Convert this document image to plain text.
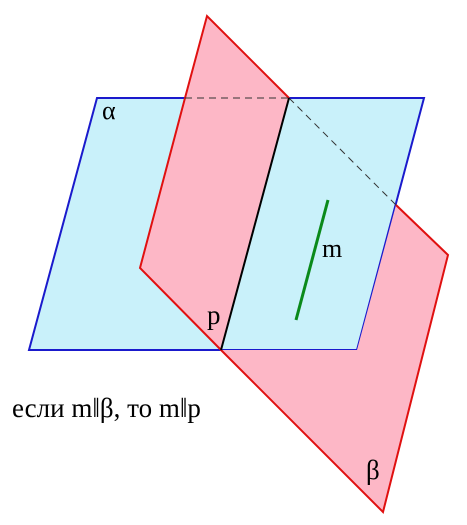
α
m
p
β
если m‖β, то m‖p
